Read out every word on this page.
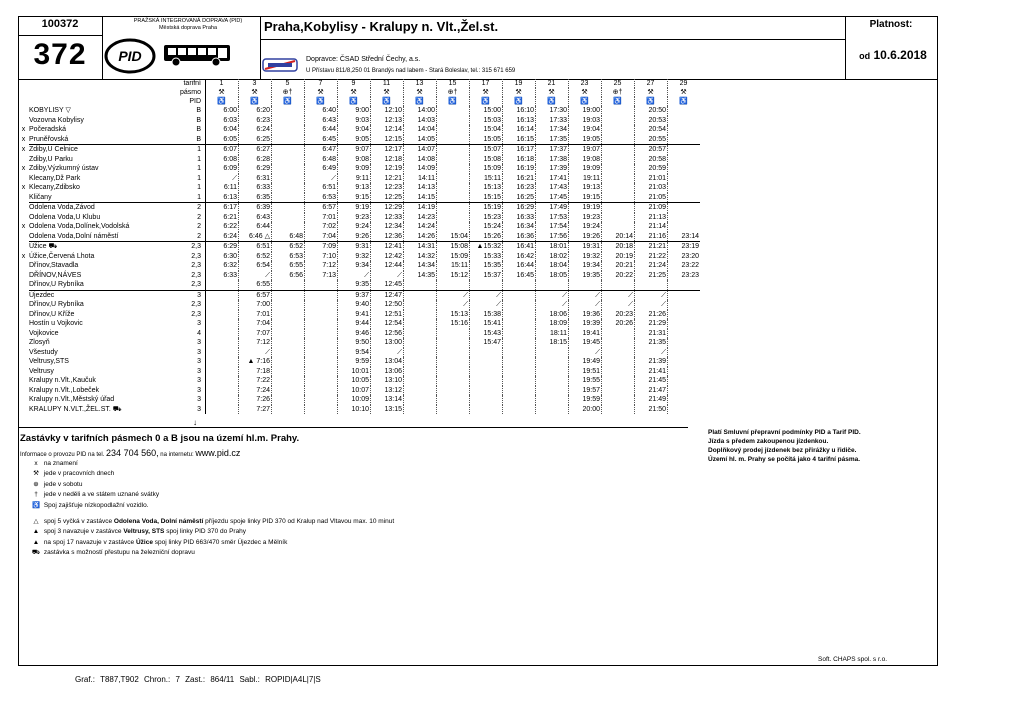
100372
372
PRAŽSKÁ INTEGROVANÁ DOPRAVA (PID)
Městská doprava Praha
PID
Praha,Kobylisy - Kralupy n. Vlt.,Žel.st.
Dopravce: ČSAD Střední Čechy, a.s.
U Přístavu 811/8,250 01 Brandýs nad labem - Stará Boleslav, tel.: 315 671 659
Platnost:
od 10.6.2018
		tarifní	1	3	5	7	9	11	13	15	17	19	21	23	25	27	29
		pásmo	⚒	⚒	⊕†	⚒	⚒	⚒	⚒	⊕†	⚒	⚒	⚒	⚒	⊕†	⚒	⚒
		PID	♿	♿	♿	♿	♿	♿	♿	♿	♿	♿	♿	♿	♿	♿	♿
	KOBYLISY ▽	B	6:00	6:20		6:40	9:00	12:10	14:00		15:00	16:10	17:30	19:00		20:50	
	Vozovna Kobylisy	B	6:03	6:23		6:43	9:03	12:13	14:03		15:03	16:13	17:33	19:03		20:53	
x	Počeradská	B	6:04	6:24		6:44	9:04	12:14	14:04		15:04	16:14	17:34	19:04		20:54	
x	Pruněřovská	B	6:05	6:25		6:45	9:05	12:15	14:05		15:05	16:15	17:35	19:05		20:55	
x	Zdiby,U Celnice	1	6:07	6:27		6:47	9:07	12:17	14:07		15:07	16:17	17:37	19:07		20:57	
	Zdiby,U Parku	1	6:08	6:28		6:48	9:08	12:18	14:08		15:08	16:18	17:38	19:08		20:58	
x	Zdiby,Výzkumný ústav	1	6:09	6:29		6:49	9:09	12:19	14:09		15:09	16:19	17:39	19:09		20:59	
	Klecany,Dž Park	1	⟋	6:31		⟋	9:11	12:21	14:11		15:11	16:21	17:41	19:11		21:01	
x	Klecany,Zdibsko	1	6:11	6:33		6:51	9:13	12:23	14:13		15:13	16:23	17:43	19:13		21:03	
	Kličany	1	6:13	6:35		6:53	9:15	12:25	14:15		15:15	16:25	17:45	19:15		21:05	
	Odolena Voda,Závod	2	6:17	6:39		6:57	9:19	12:29	14:19		15:19	16:29	17:49	19:19		21:09	
	Odolena Voda,U Klubu	2	6:21	6:43		7:01	9:23	12:33	14:23		15:23	16:33	17:53	19:23		21:13	
x	Odolena Voda,Dolínek,Vodolská	2	6:22	6:44		7:02	9:24	12:34	14:24		15:24	16:34	17:54	19:24		21:14	
	Odolena Voda,Dolní náměstí	2	6:24	6:46 △	6:48	7:04	9:26	12:36	14:26	15:04	15:26	16:36	17:56	19:26	20:14	21:16	23:14
	Úžice ⛟	2,3	6:29	6:51	6:52	7:09	9:31	12:41	14:31	15:08	▲15:32	16:41	18:01	19:31	20:18	21:21	23:19
x	Úžice,Červená Lhota	2,3	6:30	6:52	6:53	7:10	9:32	12:42	14:32	15:09	15:33	16:42	18:02	19:32	20:19	21:22	23:20
	Dřínov,Stavadla	2,3	6:32	6:54	6:55	7:12	9:34	12:44	14:34	15:11	15:35	16:44	18:04	19:34	20:21	21:24	23:22
	DŘÍNOV,NÁVES	2,3	6:33	⟋	6:56	7:13	⟋	⟋	14:35	15:12	15:37	16:45	18:05	19:35	20:22	21:25	23:23
	Dřínov,U Rybníka	2,3		6:55			9:35	12:45									
	Újezdec	3		6:57			9:37	12:47		⟋	⟋		⟋	⟋	⟋	⟋	
	Dřínov,U Rybníka	2,3		7:00			9:40	12:50		⟋	⟋		⟋	⟋	⟋	⟋	
	Dřínov,U Kříže	2,3		7:01			9:41	12:51		15:13	15:38		18:06	19:36	20:23	21:26	
	Hostín u Vojkovic	3		7:04			9:44	12:54		15:16	15:41		18:09	19:39	20:26	21:29	
	Vojkovice	4		7:07			9:46	12:56			15:43		18:11	19:41		21:31	
	Zlosyň	3		7:12			9:50	13:00			15:47		18:15	19:45		21:35	
	Všestudy	3		⟋			9:54	⟋						⟋		⟋	
	Veltrusy,STS	3		▲ 7:16			9:59	13:04						19:49		21:39	
	Veltrusy	3		7:18			10:01	13:06						19:51		21:41	
	Kralupy n.Vlt.,Kaučuk	3		7:22			10:05	13:10						19:55		21:45	
	Kralupy n.Vlt.,Lobeček	3		7:24			10:07	13:12						19:57		21:47	
	Kralupy n.Vlt.,Městský úřad	3		7:26			10:09	13:14						19:59		21:49	
	KRALUPY N.VLT.,ŽEL.ST. ⛟	3		7:27			10:10	13:15						20:00		21:50	
↓
Zastávky v tarifních pásmech 0 a B jsou na území hl.m. Prahy.
Informace o provozu PID na tel. 234 704 560, na internetu: www.pid.cz
x na znamení
⚒ jede v pracovních dnech
⊕ jede v sobotu
† jede v neděli a ve státem uznané svátky
♿ Spoj zajišťuje nízkopodlažní vozidlo.
△ spoj 5 vyčká v zastávce Odolena Voda, Dolní náměstí příjezdu spoje linky PID 370 od Kralup nad Vltavou max. 10 minut
▲ spoj 3 navazuje v zastávce Veltrusy, STS spoj linky PID 370 do Prahy
▲ na spoj 17 navazuje v zastávce Úžice spoj linky PID 663/470 směr Újezdec a Mělník
⛟ zastávka s možností přestupu na železniční dopravu
Platí Smluvní přepravní podmínky PID a Tarif PID.
Jízda s předem zakoupenou jízdenkou.
Doplňkový prodej jízdenek bez přirážky u řidiče.
Území hl. m. Prahy se počítá jako 4 tarifní pásma.
Soft. CHAPS spol. s r.o.
Graf.: T887,T902 Chron.: 7 Zast.: 864/11 Sabl.: ROPID|A4L|7|S
